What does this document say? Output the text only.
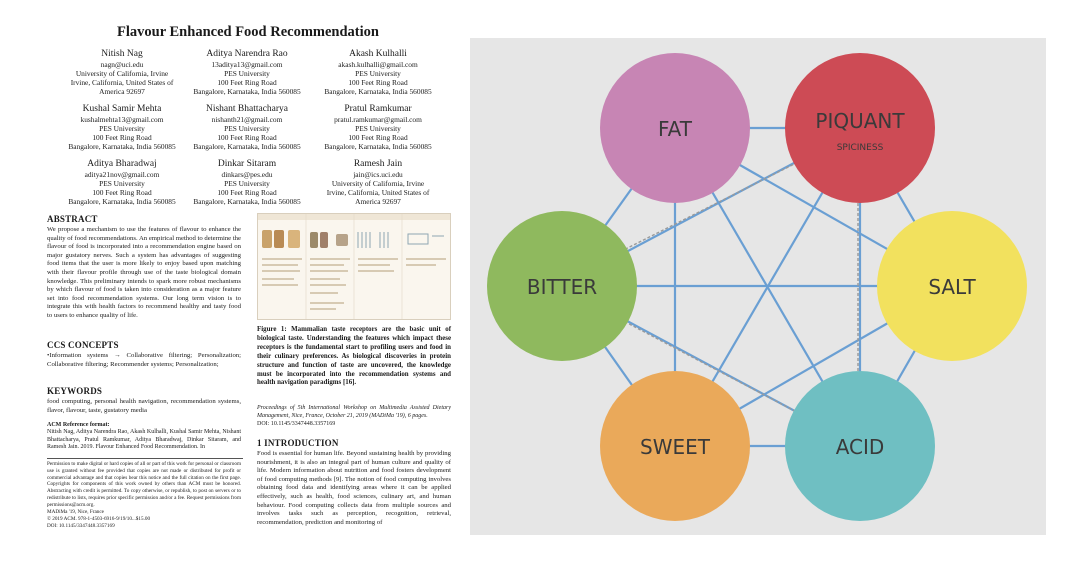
Flavour Enhanced Food Recommendation
Nitish Nag
nagn@uci.edu
University of California, Irvine
Irvine, California, United States of
America 92697
Aditya Narendra Rao
13aditya13@gmail.com
PES University
100 Feet Ring Road
Bangalore, Karnataka, India 560085
Akash Kulhalli
akash.kulhalli@gmail.com
PES University
100 Feet Ring Road
Bangalore, Karnataka, India 560085
Kushal Samir Mehta
kushalmehta13@gmail.com
PES University
100 Feet Ring Road
Bangalore, Karnataka, India 560085
Nishant Bhattacharya
nishanth21@gmail.com
PES University
100 Feet Ring Road
Bangalore, Karnataka, India 560085
Pratul Ramkumar
pratul.ramkumar@gmail.com
PES University
100 Feet Ring Road
Bangalore, Karnataka, India 560085
Aditya Bharadwaj
aditya21nov@gmail.com
PES University
100 Feet Ring Road
Bangalore, Karnataka, India 560085
Dinkar Sitaram
dinkars@pes.edu
PES University
100 Feet Ring Road
Bangalore, Karnataka, India 560085
Ramesh Jain
jain@ics.uci.edu
University of California, Irvine
Irvine, California, United States of
America 92697
ABSTRACT
We propose a mechanism to use the features of flavour to enhance the quality of food recommendations. An empirical method to determine the flavour of food is incorporated into a recommendation engine based on major gustatory nerves. Such a system has advantages of suggesting food items that the user is more likely to enjoy based upon matching with their flavour profile through use of the taste biological domain knowledge. This preliminary intends to spark more robust mechanisms by which flavour of food is taken into consideration as a major feature set into food recommendation systems. Our long term vision is to integrate this with health factors to recommend healthy and tasty food to users to enhance quality of life.
CCS CONCEPTS
•Information systems → Collaborative filtering; Personalization; Collaborative filtering; Recommender systems; Personalization;
KEYWORDS
food computing, personal health navigation, recommendation systems, flavor, flavour, taste, gustatory media
ACM Reference format:
Nitish Nag, Aditya Narendra Rao, Akash Kulhalli, Kushal Samir Mehta, Nishant Bhattacharya, Pratul Ramkumar, Aditya Bharadwaj, Dinkar Sitaram, and Ramesh Jain. 2019. Flavour Enhanced Food Recommendation. In
Permission to make digital or hard copies of all or part of this work for personal or classroom use is granted without fee provided that copies are not made or distributed for profit or commercial advantage and that copies bear this notice and the full citation on the first page. Copyrights for components of this work owned by others than ACM must be honored. Abstracting with credit is permitted. To copy otherwise, or republish, to post on servers or to redistribute to lists, requires prior specific permission and/or a fee. Request permissions from permissions@acm.org.
MADiMa '19, Nice, France
© 2019 ACM. 978-1-4503-6916-9/19/10...$15.00
DOI: 10.1145/3347448.3357169
Figure 1: Mammalian taste receptors are the basic unit of biological taste. Understanding the features which impact these receptors is the fundamental start to profiling users and food in their culinary preferences. As biological discoveries in protein structure and function of taste are uncovered, the knowledge must be incorporated into the recommendation systems and health navigation paradigms [16].
Proceedings of 5th International Workshop on Multimedia Assisted Dietary Management, Nice, France, October 21, 2019 (MADiMa '19), 6 pages.
DOI: 10.1145/3347448.3357169
1 INTRODUCTION
Food is essential for human life. Beyond sustaining health by providing nourishment, it is also an integral part of human culture and quality of life. Modern information about nutrition and food fosters development of food computing methods [9]. The notion of food computing involves obtaining food data and identifying areas where it can be applied effectively, such as health, food sciences, culinary art, and human behaviour. Food computing collects data from multiple sources and involves tasks such as perception, recognition, retrieval, recommendation, prediction and monitoring of
FAT	PIQUANT
SPICINESS
SALT
ACID
SWEET
BITTER
